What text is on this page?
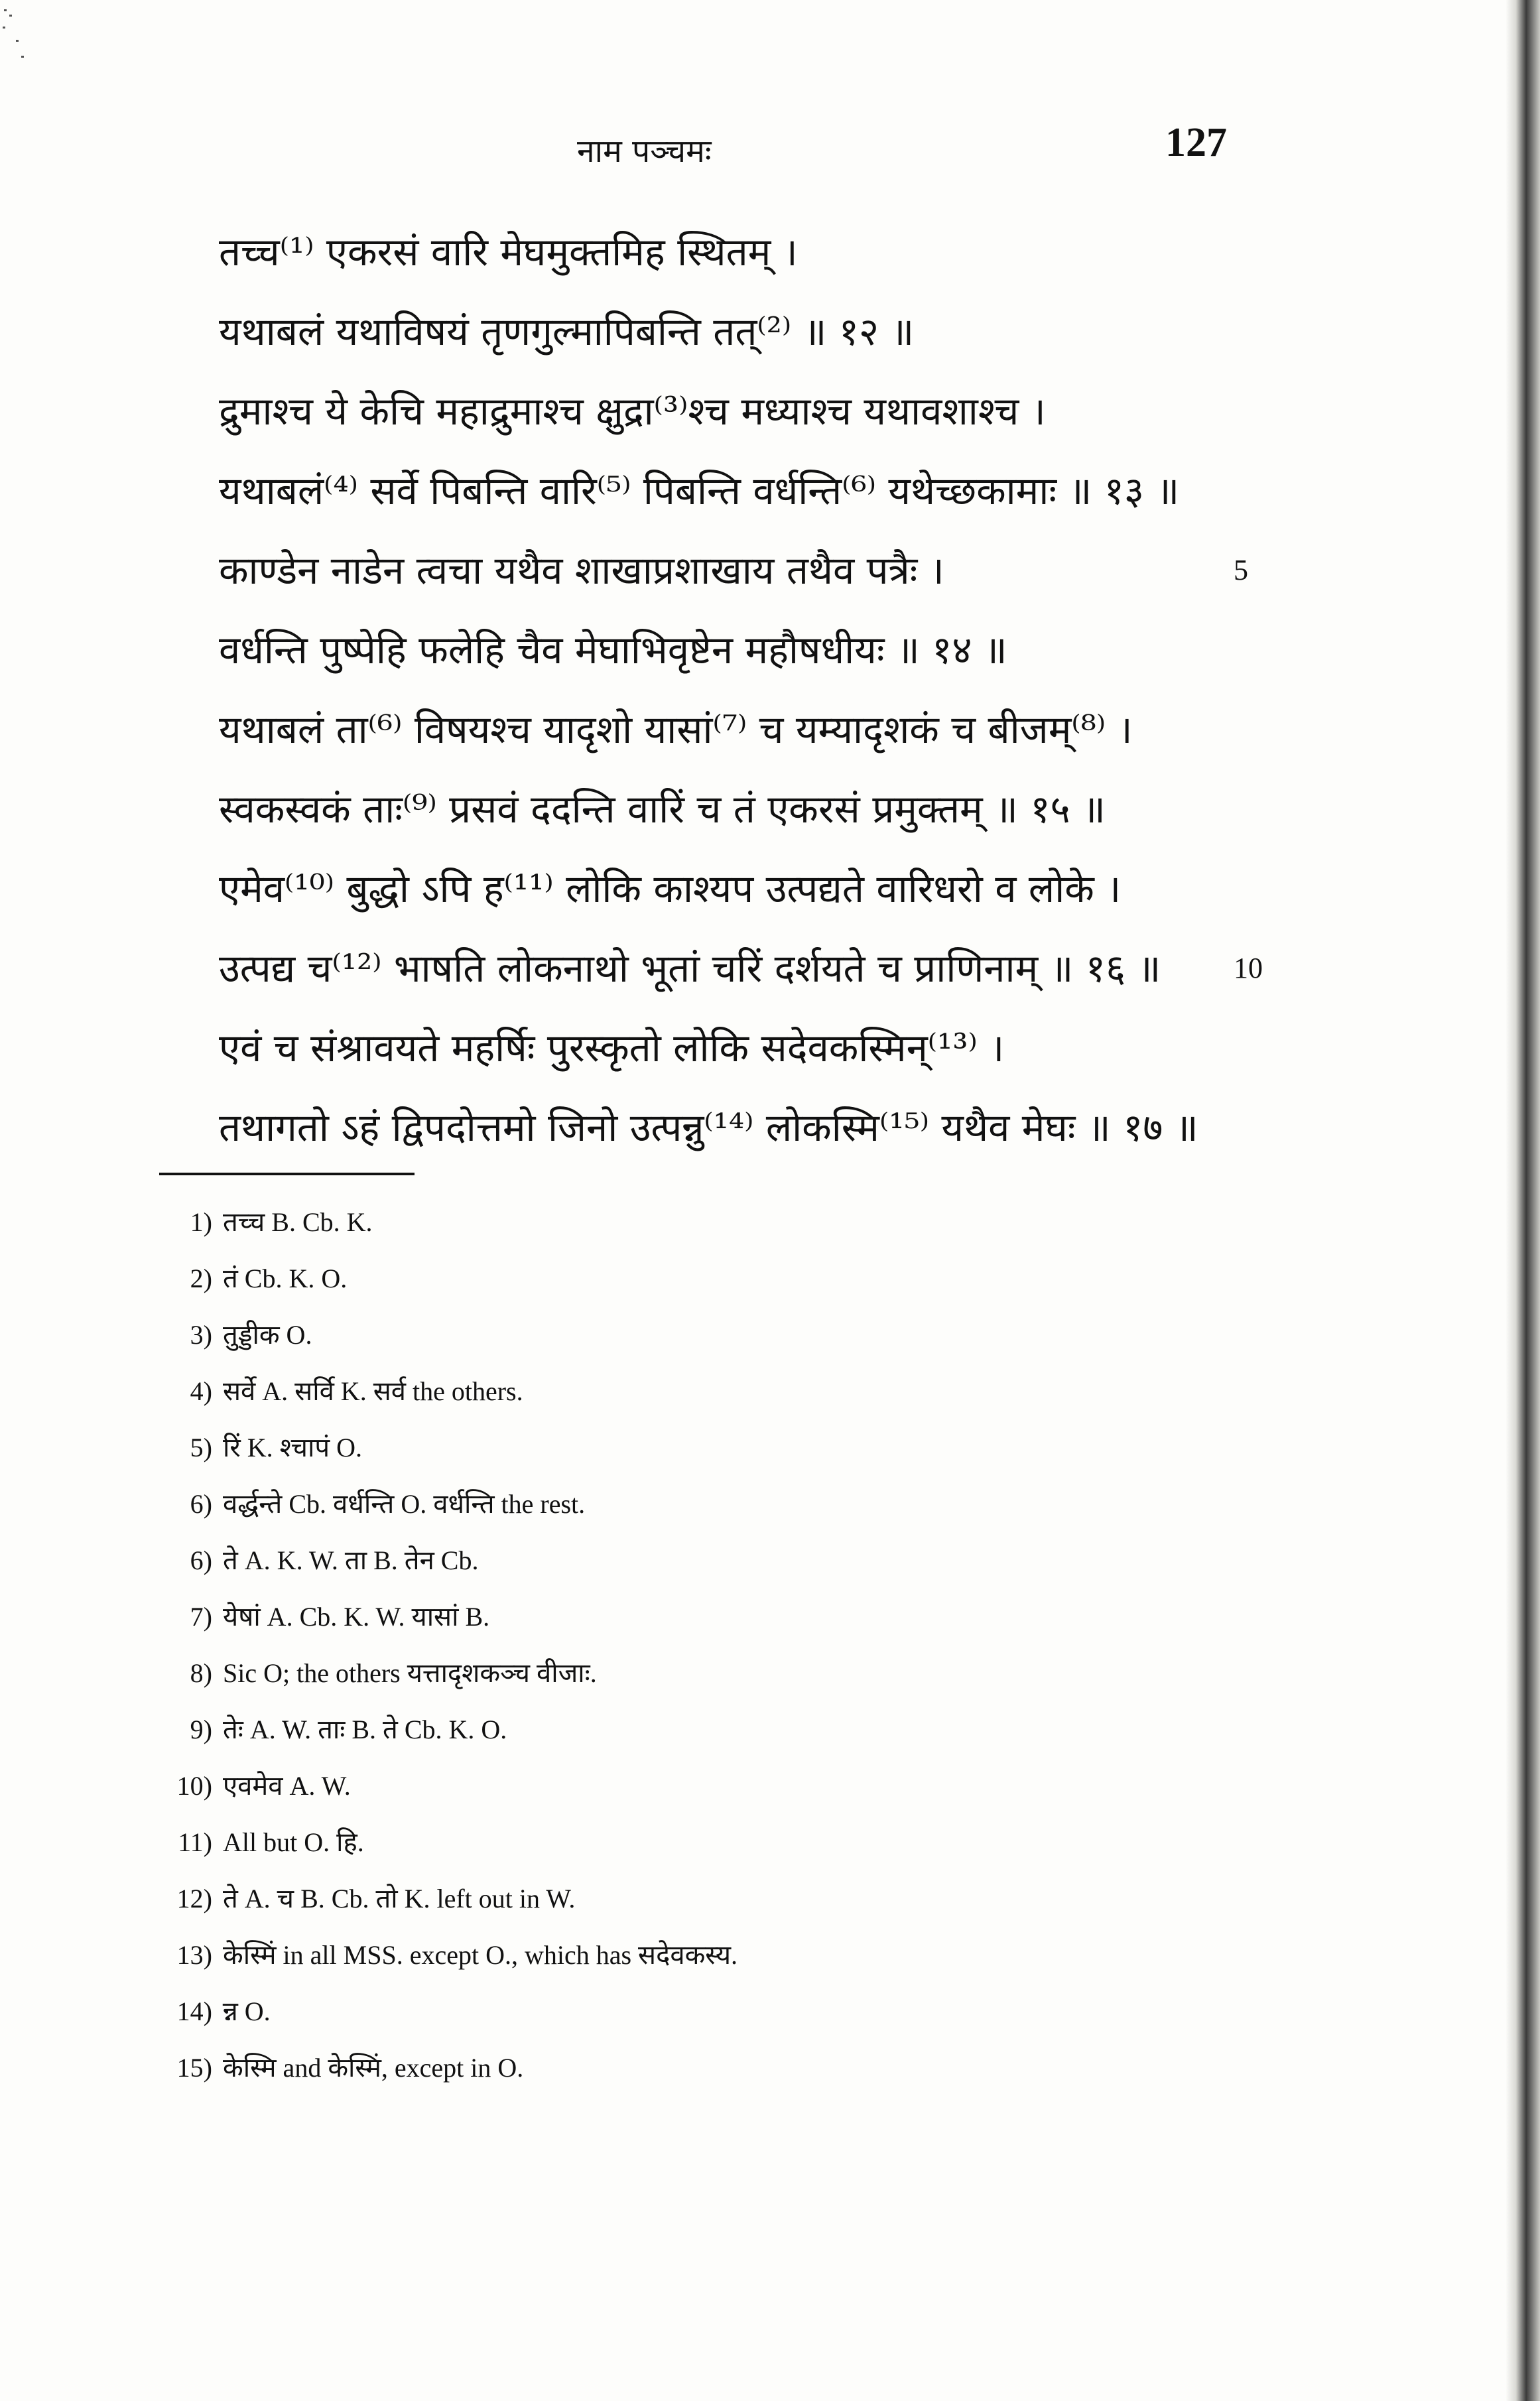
नाम पञ्चमः	127
तच्च⁽¹⁾ एकरसं वारि मेघमुक्तमिह स्थितम् ।
यथाबलं यथाविषयं तृणगुल्मापिबन्ति तत्⁽²⁾ ॥ १२ ॥
द्रुमाश्च ये केचि महाद्रुमाश्च क्षुद्रा⁽³⁾श्च मध्याश्च यथावशाश्च ।
यथाबलं⁽⁴⁾ सर्वे पिबन्ति वारि⁽⁵⁾ पिबन्ति वर्धन्ति⁽⁶⁾ यथेच्छकामाः ॥ १३ ॥
काण्डेन नाडेन त्वचा यथैव शाखाप्रशाखाय तथैव पत्रैः ।	5
वर्धन्ति पुष्पेहि फलेहि चैव मेघाभिवृष्टेन महौषधीयः ॥ १४ ॥
यथाबलं ता⁽⁶⁾ विषयश्च यादृशो यासां⁽⁷⁾ च यम्यादृशकं च बीजम्⁽⁸⁾ ।
स्वकस्वकं ताः⁽⁹⁾ प्रसवं ददन्ति वारिं च तं एकरसं प्रमुक्तम् ॥ १५ ॥
एमेव⁽¹⁰⁾ बुद्धो ऽपि ह⁽¹¹⁾ लोकि काश्यप उत्पद्यते वारिधरो व लोके ।
उत्पद्य च⁽¹²⁾ भाषति लोकनाथो भूतां चरिं दर्शयते च प्राणिनाम् ॥ १६ ॥ 10
एवं च संश्रावयते महर्षिः पुरस्कृतो लोकि सदेवकस्मिन्⁽¹³⁾ ।
तथागतो ऽहं द्विपदोत्तमो जिनो उत्पन्नु⁽¹⁴⁾ लोकस्मि⁽¹⁵⁾ यथैव मेघः ॥ १७ ॥
1) तच्च B. Cb. K.
2) तं Cb. K. O.
3) तुड्डीक O.
4) सर्वे A. सर्वि K. सर्व the others.
5) रिं K. श्चापं O.
6) वर्द्धन्ते Cb. वर्धन्ति O. वर्धन्ति the rest.
6) ते A. K. W. ता B. तेन Cb.
7) येषां A. Cb. K. W. यासां B.
8) Sic O; the others यत्तादृशकञ्च वीजाः.
9) तेः A. W. ताः B. ते Cb. K. O.
10) एवमेव A. W.
11) All but O. हि.
12) ते A. च B. Cb. तो K. left out in W.
13) केस्मिं in all MSS. except O., which has सदेवकस्य.
14) न्न O.
15) केस्मि and केस्मिं, except in O.
